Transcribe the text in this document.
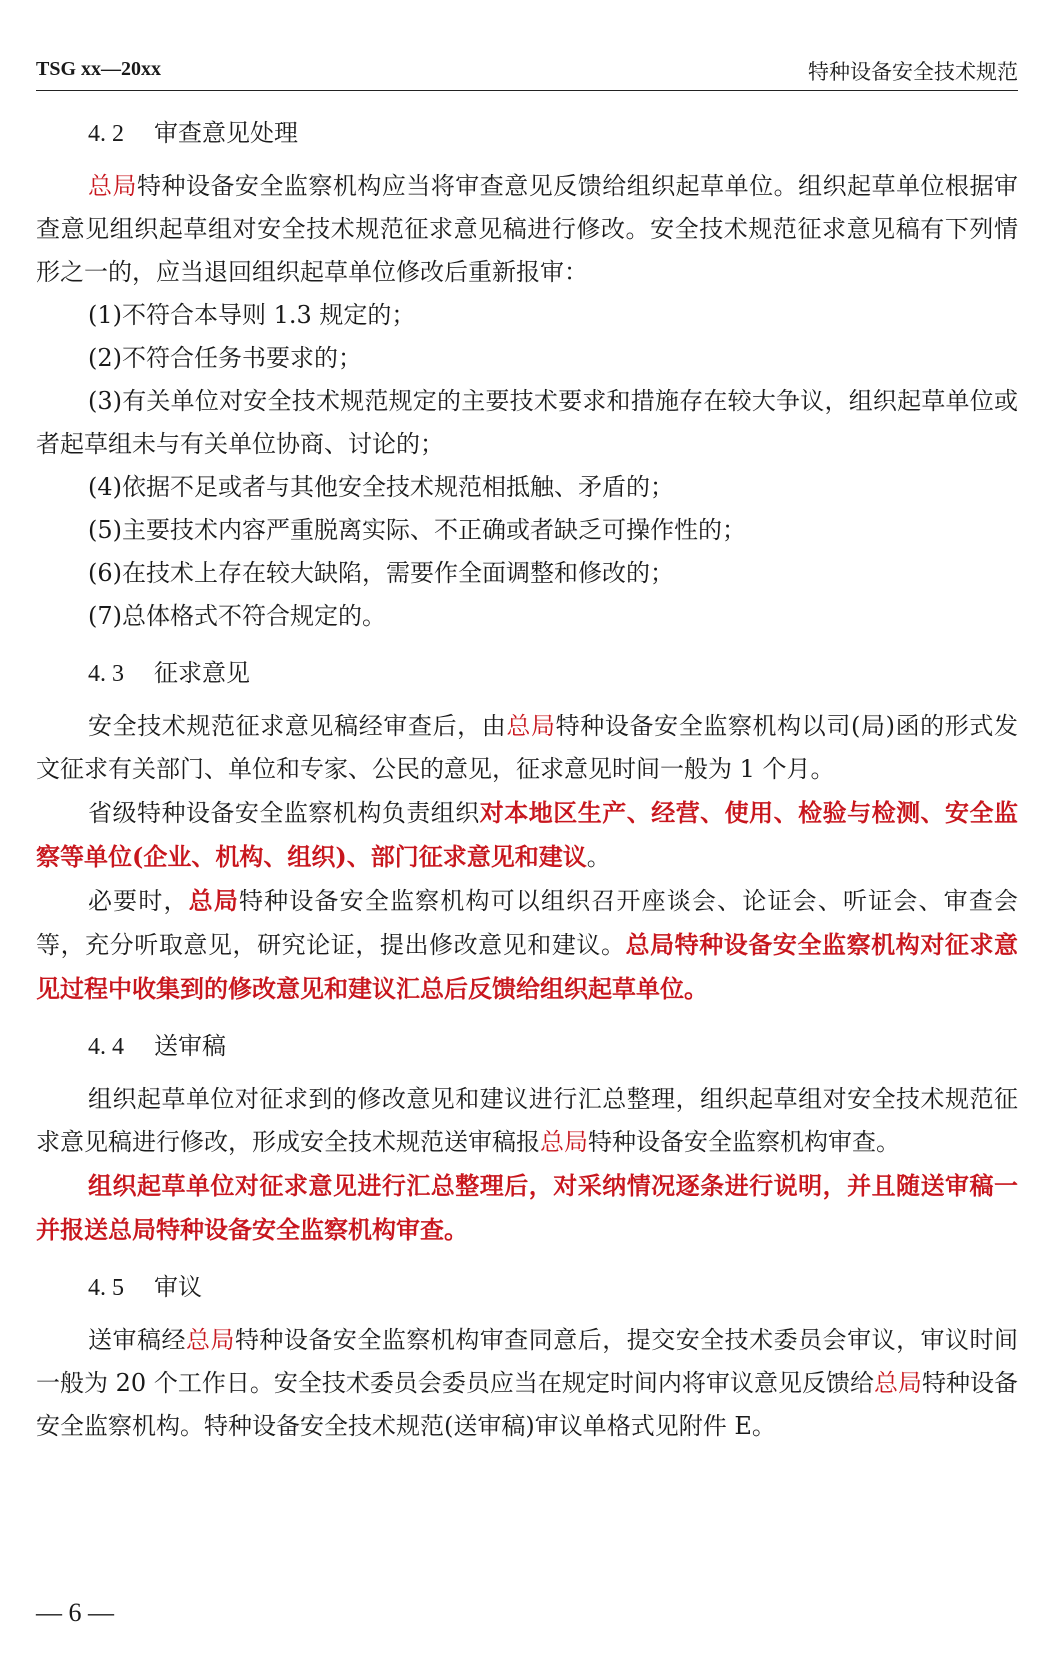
TSG xx—20xx	特种设备安全技术规范
4. 2 审查意见处理

总局特种设备安全监察机构应当将审查意见反馈给组织起草单位。组织起草单位根据审查意见组织起草组对安全技术规范征求意见稿进行修改。安全技术规范征求意见稿有下列情形之一的，应当退回组织起草单位修改后重新报审：

(1)不符合本导则 1.3 规定的；

(2)不符合任务书要求的；

(3)有关单位对安全技术规范规定的主要技术要求和措施存在较大争议，组织起草单位或者起草组未与有关单位协商、讨论的；

(4)依据不足或者与其他安全技术规范相抵触、矛盾的；

(5)主要技术内容严重脱离实际、不正确或者缺乏可操作性的；

(6)在技术上存在较大缺陷，需要作全面调整和修改的；

(7)总体格式不符合规定的。

4. 3 征求意见

安全技术规范征求意见稿经审查后，由总局特种设备安全监察机构以司(局)函的形式发文征求有关部门、单位和专家、公民的意见，征求意见时间一般为 1 个月。

省级特种设备安全监察机构负责组织对本地区生产、经营、使用、检验与检测、安全监察等单位(企业、机构、组织)、部门征求意见和建议。

必要时，总局特种设备安全监察机构可以组织召开座谈会、论证会、听证会、审查会等，充分听取意见，研究论证，提出修改意见和建议。总局特种设备安全监察机构对征求意见过程中收集到的修改意见和建议汇总后反馈给组织起草单位。

4. 4 送审稿

组织起草单位对征求到的修改意见和建议进行汇总整理，组织起草组对安全技术规范征求意见稿进行修改，形成安全技术规范送审稿报总局特种设备安全监察机构审查。

组织起草单位对征求意见进行汇总整理后，对采纳情况逐条进行说明，并且随送审稿一并报送总局特种设备安全监察机构审查。

4. 5 审议

送审稿经总局特种设备安全监察机构审查同意后，提交安全技术委员会审议，审议时间一般为 20 个工作日。安全技术委员会委员应当在规定时间内将审议意见反馈给总局特种设备安全监察机构。特种设备安全技术规范(送审稿)审议单格式见附件 E。

— 6 —
